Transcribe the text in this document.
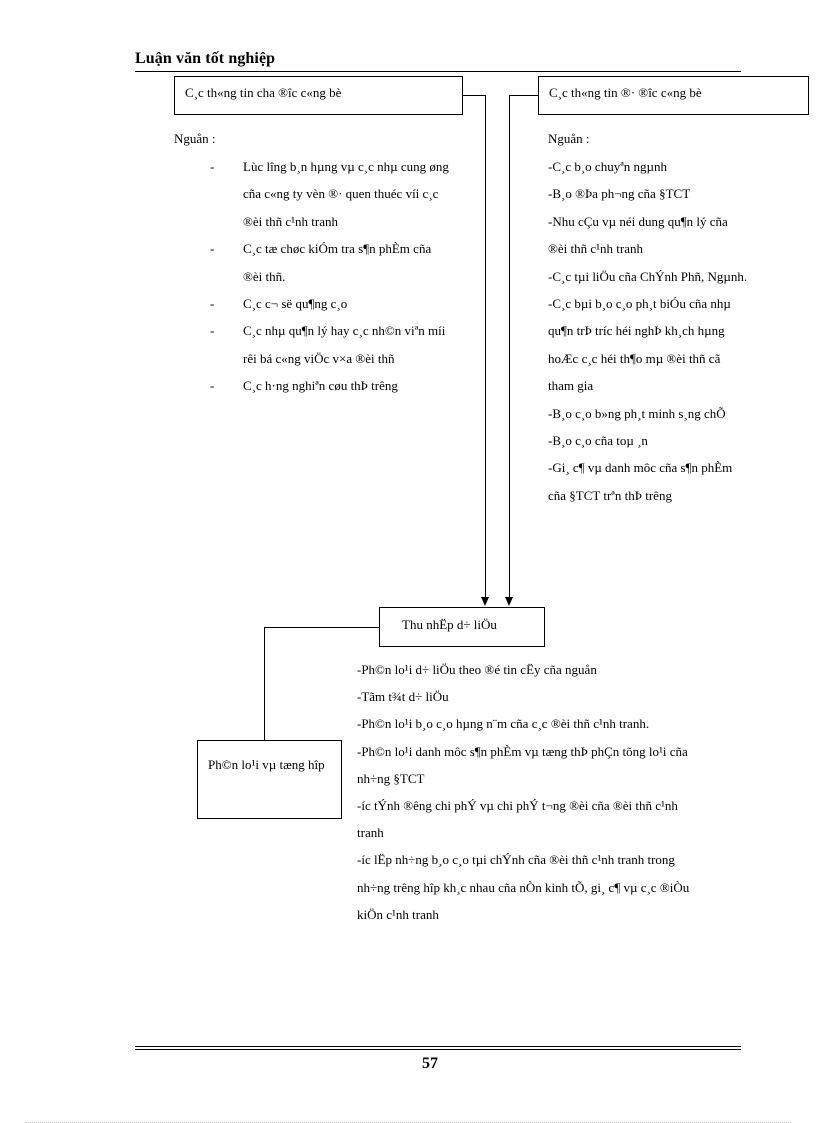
Luận văn tốt nghiệp
C¸c th«ng tin cha ®îc c«ng bè	C¸c th«ng tin ®· ®îc c«ng bè
Nguån :
- Lùc lîng b¸n hµng vµ c¸c nhµ cung øng cña c«ng ty vèn ®· quen thuéc víi c¸c ®èi thñ c¹nh tranh
- C¸c tæ chøc kiÓm tra s¶n phÈm cña ®èi thñ.
- C¸c c¬ së qu¶ng c¸o
- C¸c nhµ qu¶n lý hay c¸c nh©n viªn míi rêi bá c«ng viÖc v×a ®èi thñ
- C¸c h·ng nghiªn cøu thÞ trêng
Nguån :
-C¸c b¸o chuyªn ngµnh
-B¸o ®Þa ph¬ng cña §TCT
-Nhu cÇu vµ néi dung qu¶n lý cña
®èi thñ c¹nh tranh
-C¸c tµi liÖu cña ChÝnh Phñ, Ngµnh.
-C¸c bµi b¸o c¸o ph¸t biÓu cña nhµ
qu¶n trÞ tríc héi nghÞ kh¸ch hµng
hoÆc c¸c héi th¶o mµ ®èi thñ cã
tham gia
-B¸o c¸o b»ng ph¸t minh s¸ng chÕ
-B¸o c¸o cña toµ ¸n
-Gi¸ c¶ vµ danh môc cña s¶n phÈm
cña §TCT trªn thÞ trêng
Thu nhËp d÷ liÖu
Ph©n lo¹i vµ tæng hîp
-Ph©n lo¹i d÷ liÖu theo ®é tin cËy cña nguån
-Tãm t¾t d÷ liÖu
-Ph©n lo¹i b¸o c¸o hµng n¨m cña c¸c ®èi thñ c¹nh tranh.
-Ph©n lo¹i danh môc s¶n phÈm vµ tæng thÞ phÇn tõng lo¹i cña
nh÷ng §TCT
-íc tÝnh ®êng chi phÝ vµ chi phÝ t¬ng ®èi cña ®èi thñ c¹nh
tranh
-íc lËp nh÷ng b¸o c¸o tµi chÝnh cña ®èi thñ c¹nh tranh trong
nh÷ng trêng hîp kh¸c nhau cña nÒn kinh tÕ, gi¸ c¶ vµ c¸c ®iÒu
kiÖn c¹nh tranh
57
